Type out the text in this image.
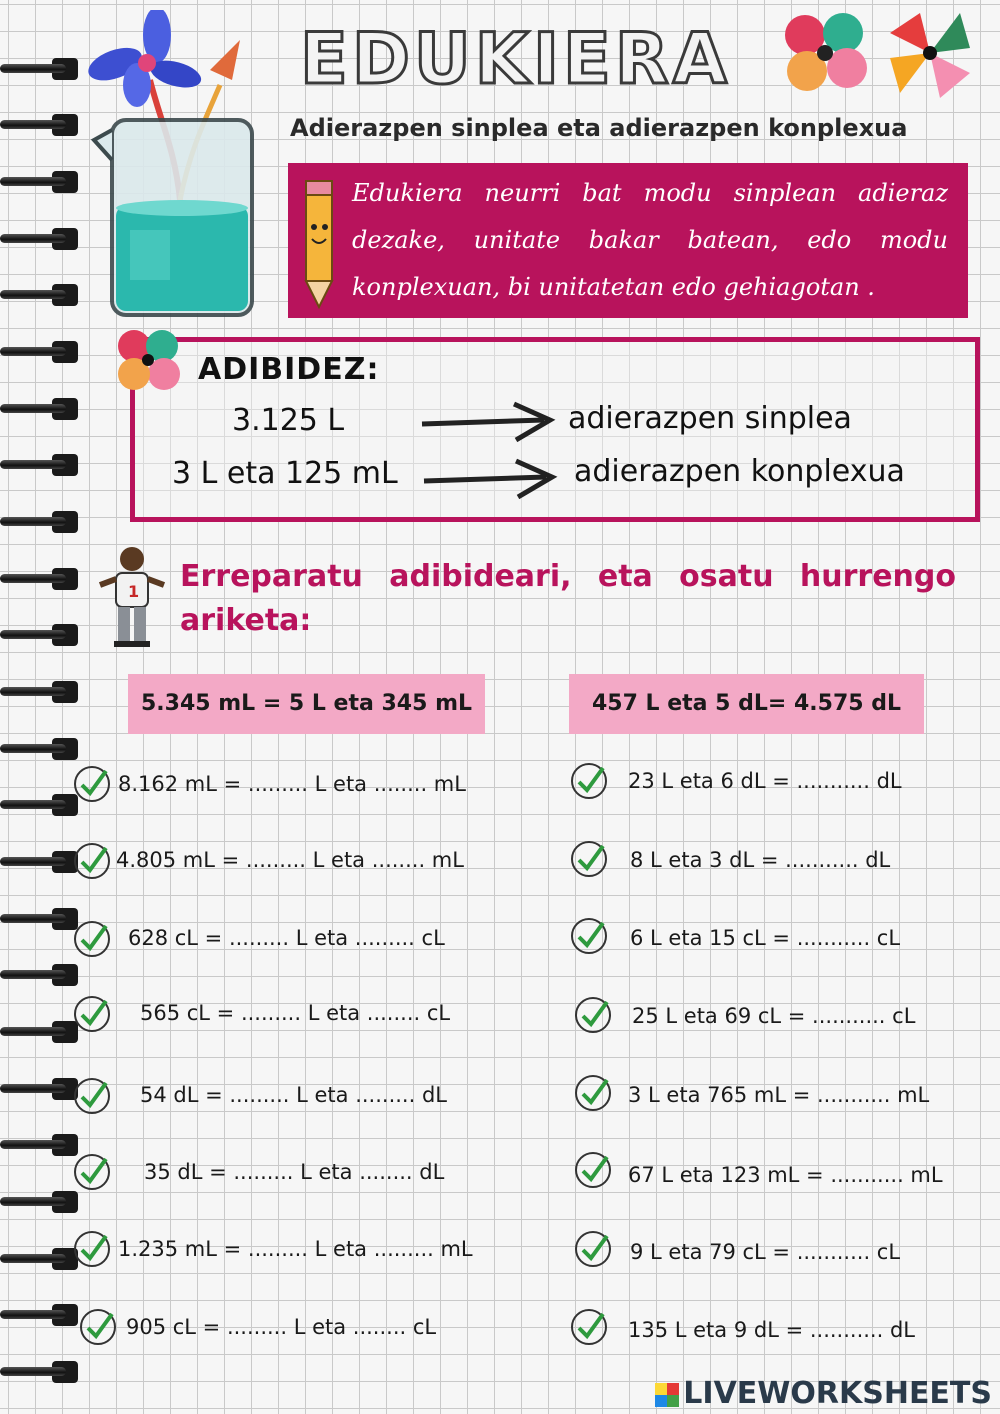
EDUKIERA
Adierazpen sinplea eta adierazpen konplexua
Edukiera neurri bat modu sinplean adieraz dezake, unitate bakar batean, edo modu konplexuan, bi unitatetan edo gehiagotan .
ADIBIDEZ:
3.125 L	adierazpen sinplea
3 L eta 125 mL	adierazpen konplexua
1 Erreparatu adibideari, eta osatu hurrengo ariketa:
5.345 mL = 5 L eta 345 mL	457 L eta 5 dL= 4.575 dL
8.162 mL = ......... L eta ........ mL
4.805 mL = ......... L eta ........ mL
628 cL = ......... L eta ......... cL
565 cL = ......... L eta ........ cL
54 dL = ......... L eta ......... dL
35 dL = ......... L eta ........ dL
1.235 mL = ......... L eta ......... mL
905 cL = ......... L eta ........ cL
23 L eta 6 dL = ........... dL
8 L eta 3 dL = ........... dL
6 L eta 15 cL = ........... cL
25 L eta 69 cL = ........... cL
3 L eta 765 mL = ........... mL
67 L eta 123 mL = ........... mL
9 L eta 79 cL = ........... cL
135 L eta 9 dL = ........... dL
LIVEWORKSHEETS
